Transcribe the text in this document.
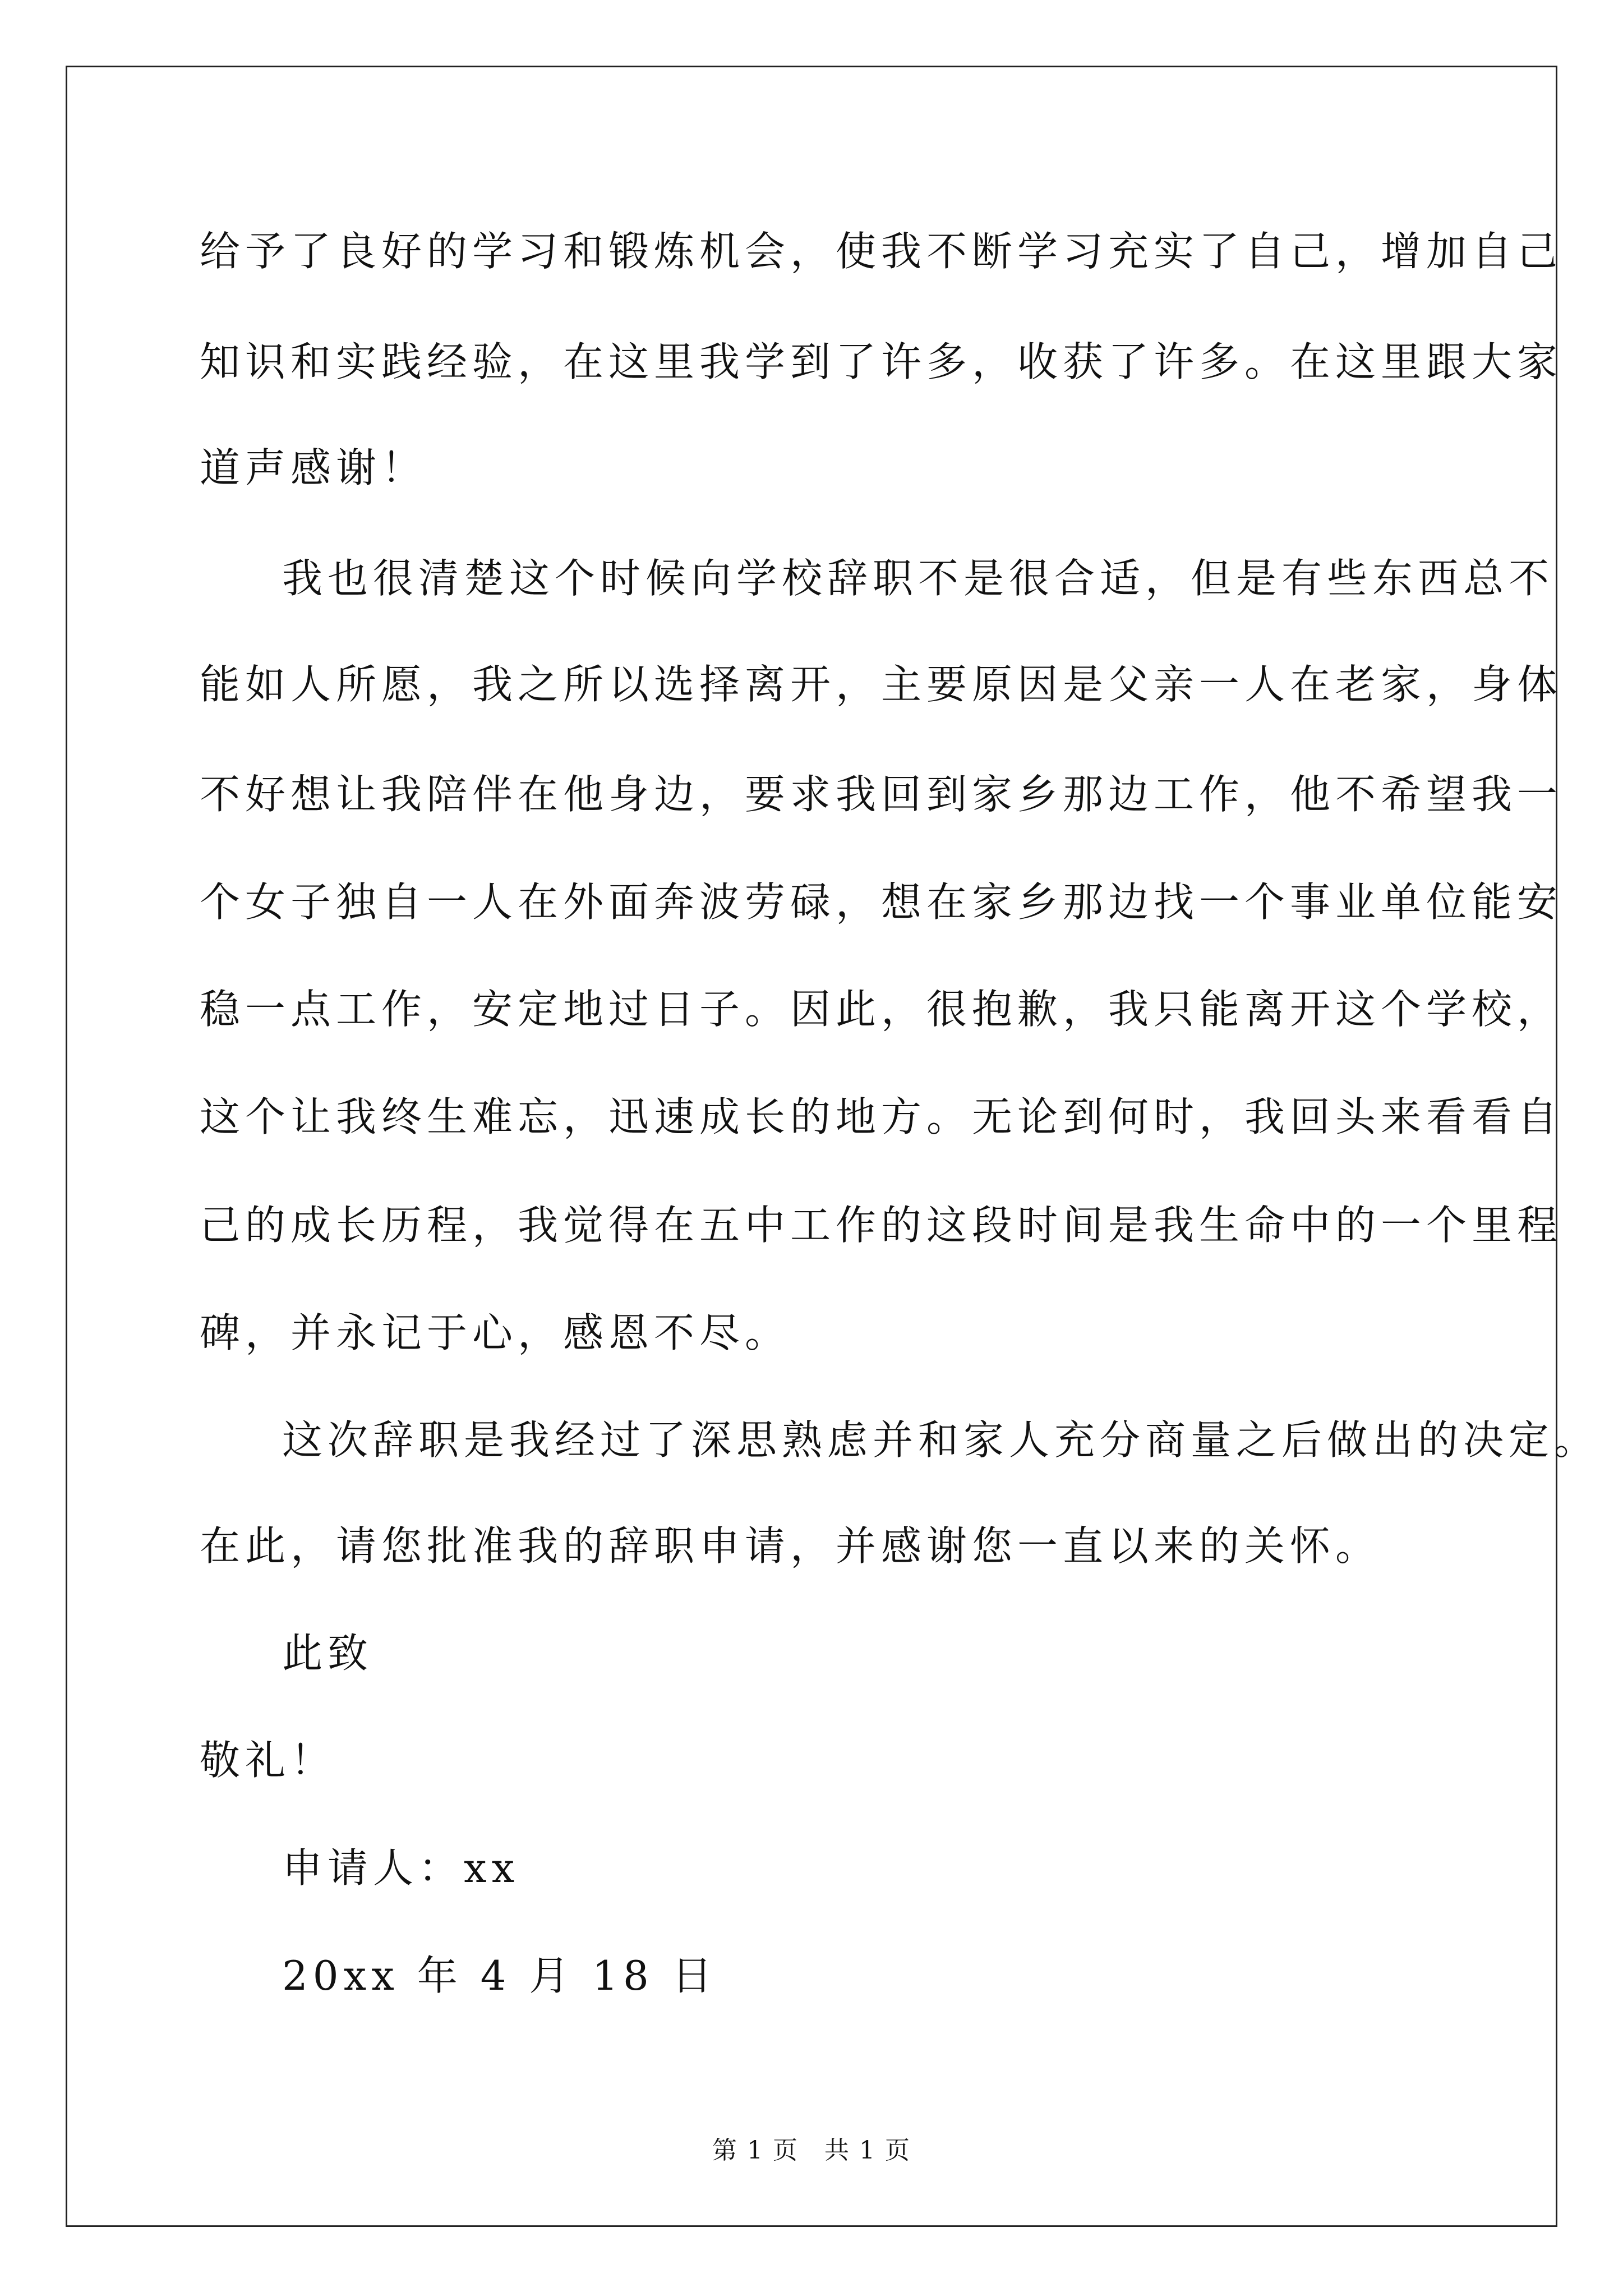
给予了良好的学习和锻炼机会，使我不断学习充实了自己，增加自己
知识和实践经验，在这里我学到了许多，收获了许多。在这里跟大家
道声感谢！
我也很清楚这个时候向学校辞职不是很合适，但是有些东西总不
能如人所愿，我之所以选择离开，主要原因是父亲一人在老家，身体
不好想让我陪伴在他身边，要求我回到家乡那边工作，他不希望我一
个女子独自一人在外面奔波劳碌，想在家乡那边找一个事业单位能安
稳一点工作，安定地过日子。因此，很抱歉，我只能离开这个学校，
这个让我终生难忘，迅速成长的地方。无论到何时，我回头来看看自
己的成长历程，我觉得在五中工作的这段时间是我生命中的一个里程
碑，并永记于心，感恩不尽。
这次辞职是我经过了深思熟虑并和家人充分商量之后做出的决定。
在此，请您批准我的辞职申请，并感谢您一直以来的关怀。
此致
敬礼！
申请人：xx
20xx 年 4 月 18 日
第 1 页　共 1 页
